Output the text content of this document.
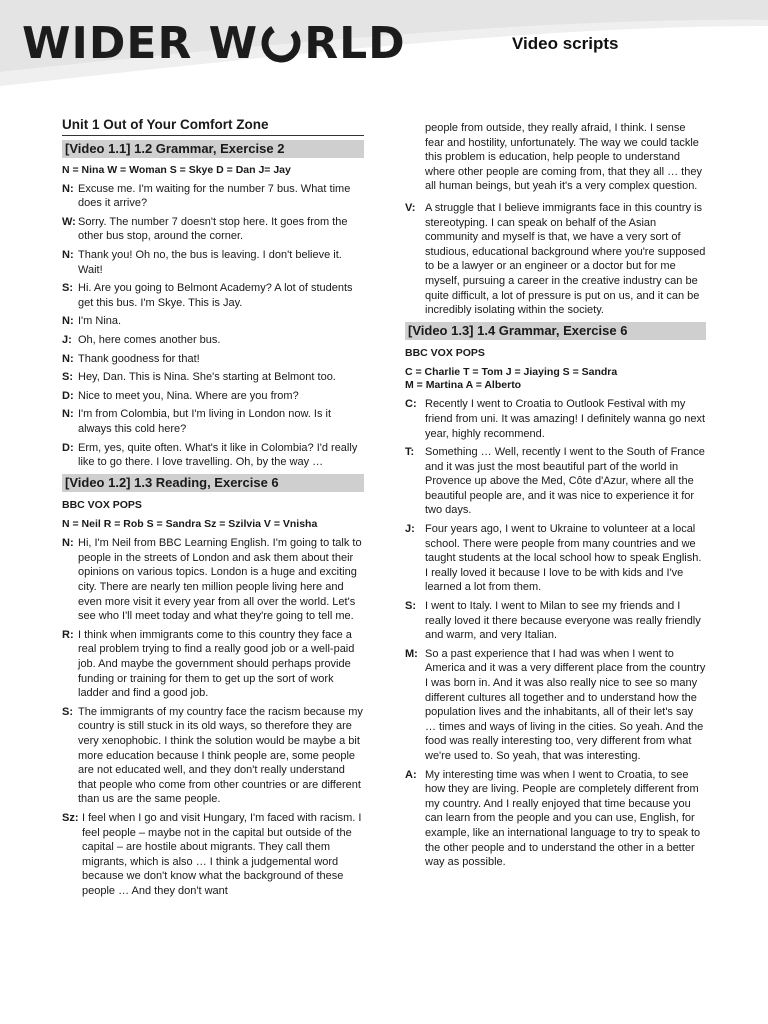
WIDER W RLD	Video scripts
Unit 1 Out of Your Comfort Zone
[Video 1.1] 1.2 Grammar, Exercise 2
N = Nina W = Woman S = Skye D = Dan J= Jay
N: Excuse me. I'm waiting for the number 7 bus. What time does it arrive?

W: Sorry. The number 7 doesn't stop here. It goes from the other bus stop, around the corner.

N: Thank you! Oh no, the bus is leaving. I don't believe it. Wait!

S: Hi. Are you going to Belmont Academy? A lot of students get this bus. I'm Skye. This is Jay.

N: I'm Nina.

J: Oh, here comes another bus.

N: Thank goodness for that!

S: Hey, Dan. This is Nina. She's starting at Belmont too.

D: Nice to meet you, Nina. Where are you from?

N: I'm from Colombia, but I'm living in London now. Is it always this cold here?

D: Erm, yes, quite often. What's it like in Colombia? I'd really like to go there. I love travelling. Oh, by the way …

[Video 1.2] 1.3 Reading, Exercise 6
BBC VOX POPS
N = Neil R = Rob S = Sandra Sz = Szilvia V = Vnisha
N: Hi, I'm Neil from BBC Learning English. I'm going to talk to people in the streets of London and ask them about their opinions on various topics. London is a huge and exciting city. There are nearly ten million people living here and even more visit it every year from all over the world. Let's see who I'll meet today and what they're going to tell me.

R: I think when immigrants come to this country they face a real problem trying to find a really good job or a well-paid job. And maybe the government should perhaps provide funding or training for them to get up the sort of work ladder and find a good job.

S: The immigrants of my country face the racism because my country is still stuck in its old ways, so therefore they are very xenophobic. I think the solution would be maybe a bit more education because I think people are, some people are not educated well, and they don't really understand that people who come from other countries or are different than us are the same people.

Sz: I feel when I go and visit Hungary, I'm faced with racism. I feel people – maybe not in the capital but outside of the capital – are hostile about migrants. They call them migrants, which is also … I think a judgemental word because we don't know what the background of these people … And they don't want

people from outside, they really afraid, I think. I sense fear and hostility, unfortunately. The way we could tackle this problem is education, help people to understand where other people are coming from, that they all … they all human beings, but yeah it's a very complex question.

V: A struggle that I believe immigrants face in this country is stereotyping. I can speak on behalf of the Asian community and myself is that, we have a very sort of studious, educational background where you're supposed to be a lawyer or an engineer or a doctor but for me myself, pursuing a career in the creative industry can be quite difficult, a lot of pressure is put on us, and it can be incredibly isolating within the society.

[Video 1.3] 1.4 Grammar, Exercise 6
BBC VOX POPS
C = Charlie T = Tom J = Jiaying S = Sandra
M = Martina A = Alberto
C: Recently I went to Croatia to Outlook Festival with my friend from uni. It was amazing! I definitely wanna go next year, highly recommend.

T: Something … Well, recently I went to the South of France and it was just the most beautiful part of the world in Provence up above the Med, Côte d'Azur, where all the beautiful people are, and it was nice to experience it for two days.

J: Four years ago, I went to Ukraine to volunteer at a local school. There were people from many countries and we taught students at the local school how to speak English. I really loved it because I love to be with kids and I've learned a lot from them.

S: I went to Italy. I went to Milan to see my friends and I really loved it there because everyone was really friendly and warm, and very Italian.

M: So a past experience that I had was when I went to America and it was a very different place from the country I was born in. And it was also really nice to see so many different cultures all together and to understand how the population lives and the inhabitants, all of their let's say … times and ways of living in the cities. So yeah. And the food was really interesting too, very different from what we're used to. So yeah, that was interesting.

A: My interesting time was when I went to Croatia, to see how they are living. People are completely different from my country. And I really enjoyed that time because you can learn from the people and you can use, English, for example, like an international language to try to speak to the other people and to understand the other in a better way as possible.
